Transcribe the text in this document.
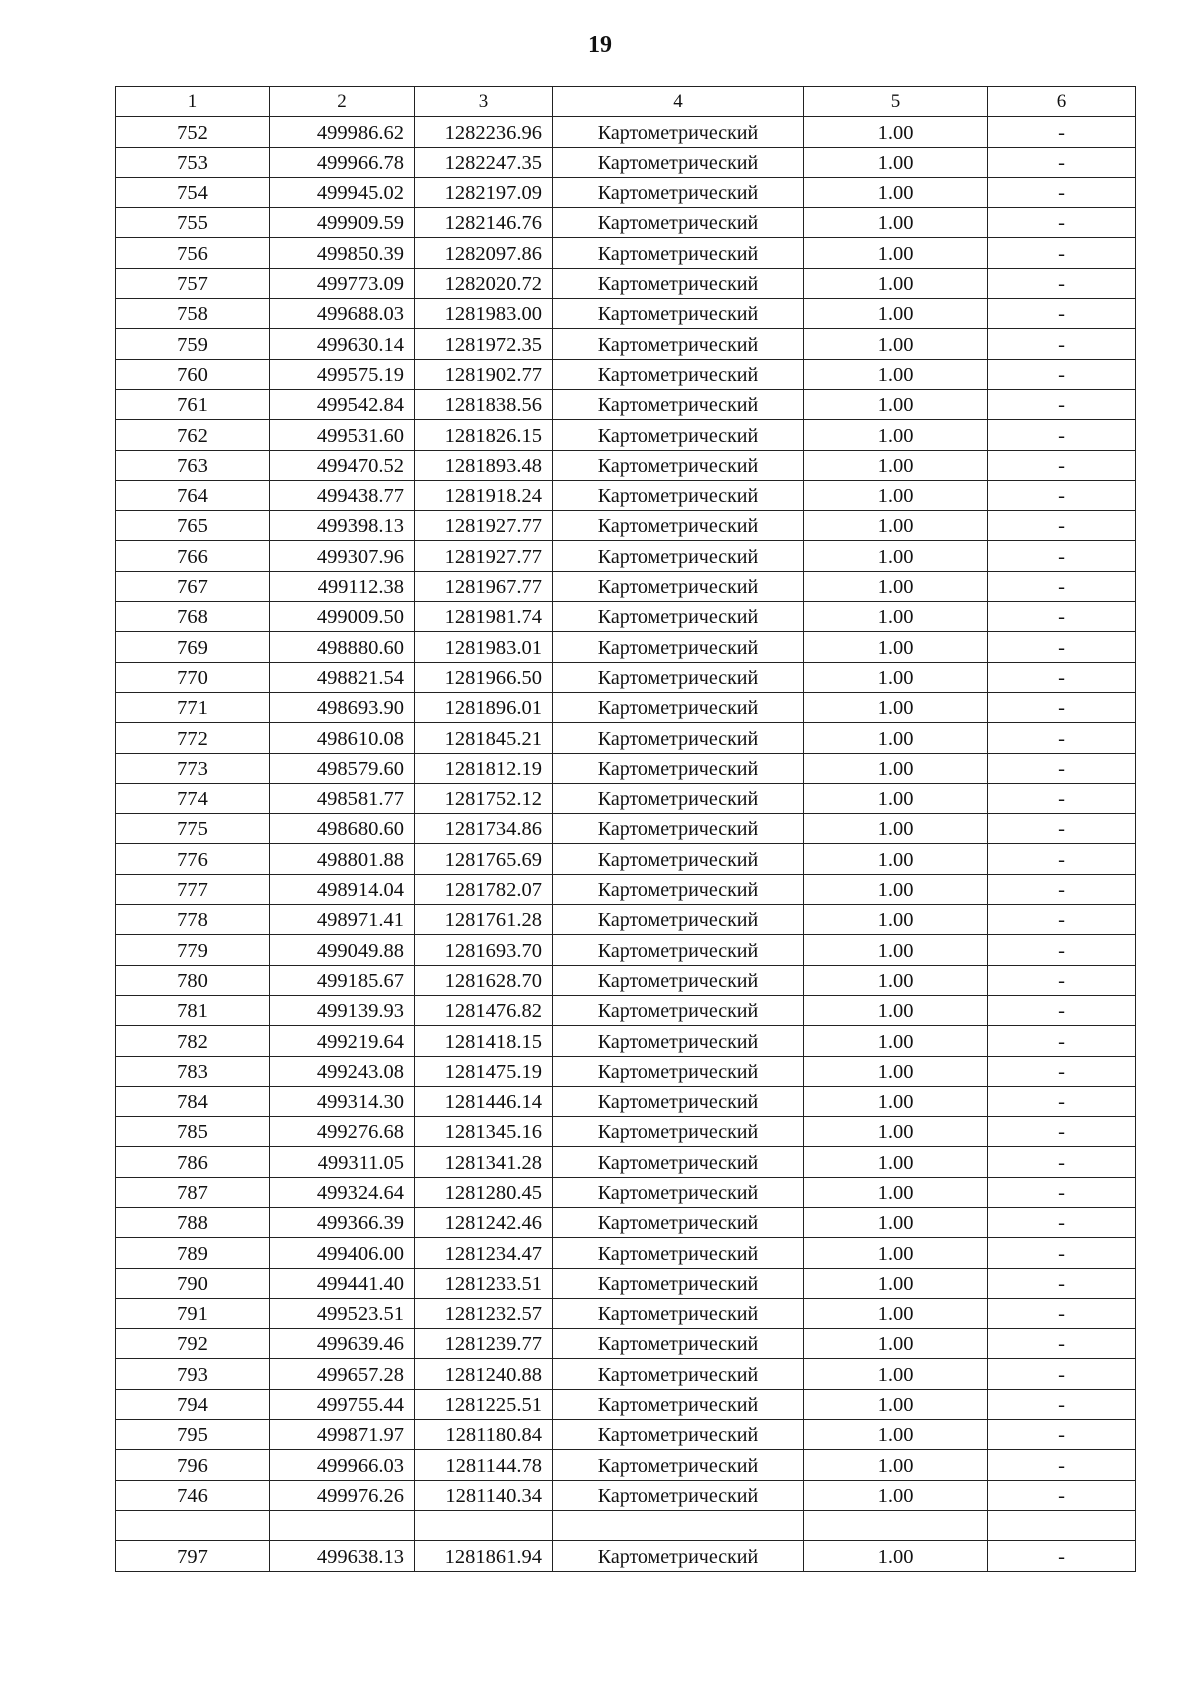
19
1	2	3	4	5	6
752	499986.62	1282236.96	Картометрический	1.00	-
753	499966.78	1282247.35	Картометрический	1.00	-
754	499945.02	1282197.09	Картометрический	1.00	-
755	499909.59	1282146.76	Картометрический	1.00	-
756	499850.39	1282097.86	Картометрический	1.00	-
757	499773.09	1282020.72	Картометрический	1.00	-
758	499688.03	1281983.00	Картометрический	1.00	-
759	499630.14	1281972.35	Картометрический	1.00	-
760	499575.19	1281902.77	Картометрический	1.00	-
761	499542.84	1281838.56	Картометрический	1.00	-
762	499531.60	1281826.15	Картометрический	1.00	-
763	499470.52	1281893.48	Картометрический	1.00	-
764	499438.77	1281918.24	Картометрический	1.00	-
765	499398.13	1281927.77	Картометрический	1.00	-
766	499307.96	1281927.77	Картометрический	1.00	-
767	499112.38	1281967.77	Картометрический	1.00	-
768	499009.50	1281981.74	Картометрический	1.00	-
769	498880.60	1281983.01	Картометрический	1.00	-
770	498821.54	1281966.50	Картометрический	1.00	-
771	498693.90	1281896.01	Картометрический	1.00	-
772	498610.08	1281845.21	Картометрический	1.00	-
773	498579.60	1281812.19	Картометрический	1.00	-
774	498581.77	1281752.12	Картометрический	1.00	-
775	498680.60	1281734.86	Картометрический	1.00	-
776	498801.88	1281765.69	Картометрический	1.00	-
777	498914.04	1281782.07	Картометрический	1.00	-
778	498971.41	1281761.28	Картометрический	1.00	-
779	499049.88	1281693.70	Картометрический	1.00	-
780	499185.67	1281628.70	Картометрический	1.00	-
781	499139.93	1281476.82	Картометрический	1.00	-
782	499219.64	1281418.15	Картометрический	1.00	-
783	499243.08	1281475.19	Картометрический	1.00	-
784	499314.30	1281446.14	Картометрический	1.00	-
785	499276.68	1281345.16	Картометрический	1.00	-
786	499311.05	1281341.28	Картометрический	1.00	-
787	499324.64	1281280.45	Картометрический	1.00	-
788	499366.39	1281242.46	Картометрический	1.00	-
789	499406.00	1281234.47	Картометрический	1.00	-
790	499441.40	1281233.51	Картометрический	1.00	-
791	499523.51	1281232.57	Картометрический	1.00	-
792	499639.46	1281239.77	Картометрический	1.00	-
793	499657.28	1281240.88	Картометрический	1.00	-
794	499755.44	1281225.51	Картометрический	1.00	-
795	499871.97	1281180.84	Картометрический	1.00	-
796	499966.03	1281144.78	Картометрический	1.00	-
746	499976.26	1281140.34	Картометрический	1.00	-

797	499638.13	1281861.94	Картометрический	1.00	-
